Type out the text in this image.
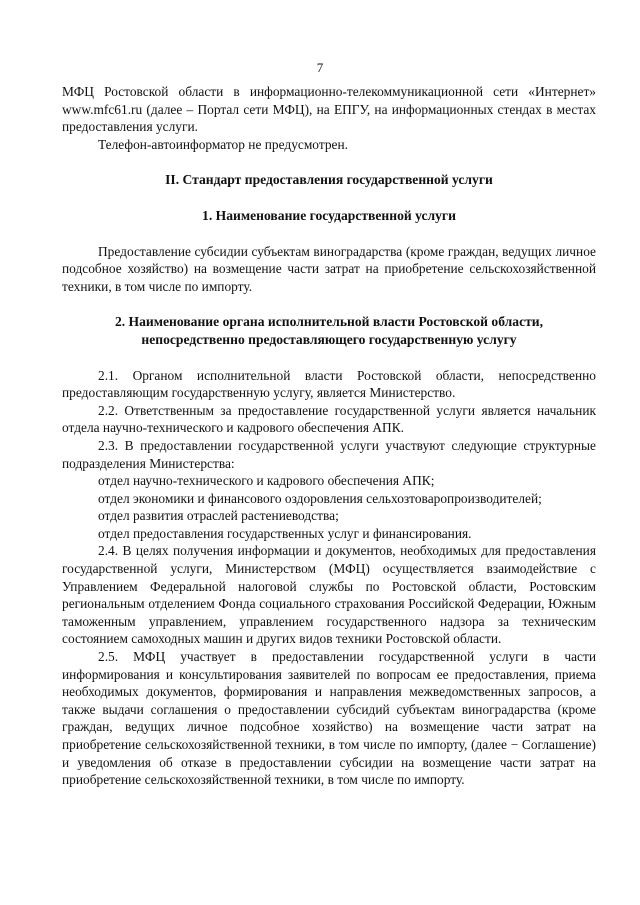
7

МФЦ Ростовской области в информационно-телекоммуникационной сети «Интернет» www.mfc61.ru (далее – Портал сети МФЦ), на ЕПГУ, на информационных стендах в местах предоставления услуги.

Телефон-автоинформатор не предусмотрен.

II. Стандарт предоставления государственной услуги
1. Наименование государственной услуги

Предоставление субсидии субъектам виноградарства (кроме граждан, ведущих личное подсобное хозяйство) на возмещение части затрат на приобретение сельскохозяйственной техники, в том числе по импорту.

2. Наименование органа исполнительной власти Ростовской области,
непосредственно предоставляющего государственную услугу

2.1. Органом исполнительной власти Ростовской области, непосредственно предоставляющим государственную услугу, является Министерство.

2.2. Ответственным за предоставление государственной услуги является начальник отдела научно-технического и кадрового обеспечения АПК.

2.3. В предоставлении государственной услуги участвуют следующие структурные подразделения Министерства:

отдел научно-технического и кадрового обеспечения АПК;

отдел экономики и финансового оздоровления сельхозтоваропроизводителей;

отдел развития отраслей растениеводства;

отдел предоставления государственных услуг и финансирования.

2.4. В целях получения информации и документов, необходимых для предоставления государственной услуги, Министерством (МФЦ) осуществляется взаимодействие с Управлением Федеральной налоговой службы по Ростовской области, Ростовским региональным отделением Фонда социального страхования Российской Федерации, Южным таможенным управлением, управлением государственного надзора за техническим состоянием самоходных машин и других видов техники Ростовской области.

2.5. МФЦ участвует в предоставлении государственной услуги в части информирования и консультирования заявителей по вопросам ее предоставления, приема необходимых документов, формирования и направления межведомственных запросов, а также выдачи соглашения о предоставлении субсидий субъектам виноградарства (кроме граждан, ведущих личное подсобное хозяйство) на возмещение части затрат на приобретение сельскохозяйственной техники, в том числе по импорту, (далее − Соглашение) и уведомления об отказе в предоставлении субсидии на возмещение части затрат на приобретение сельскохозяйственной техники, в том числе по импорту.
